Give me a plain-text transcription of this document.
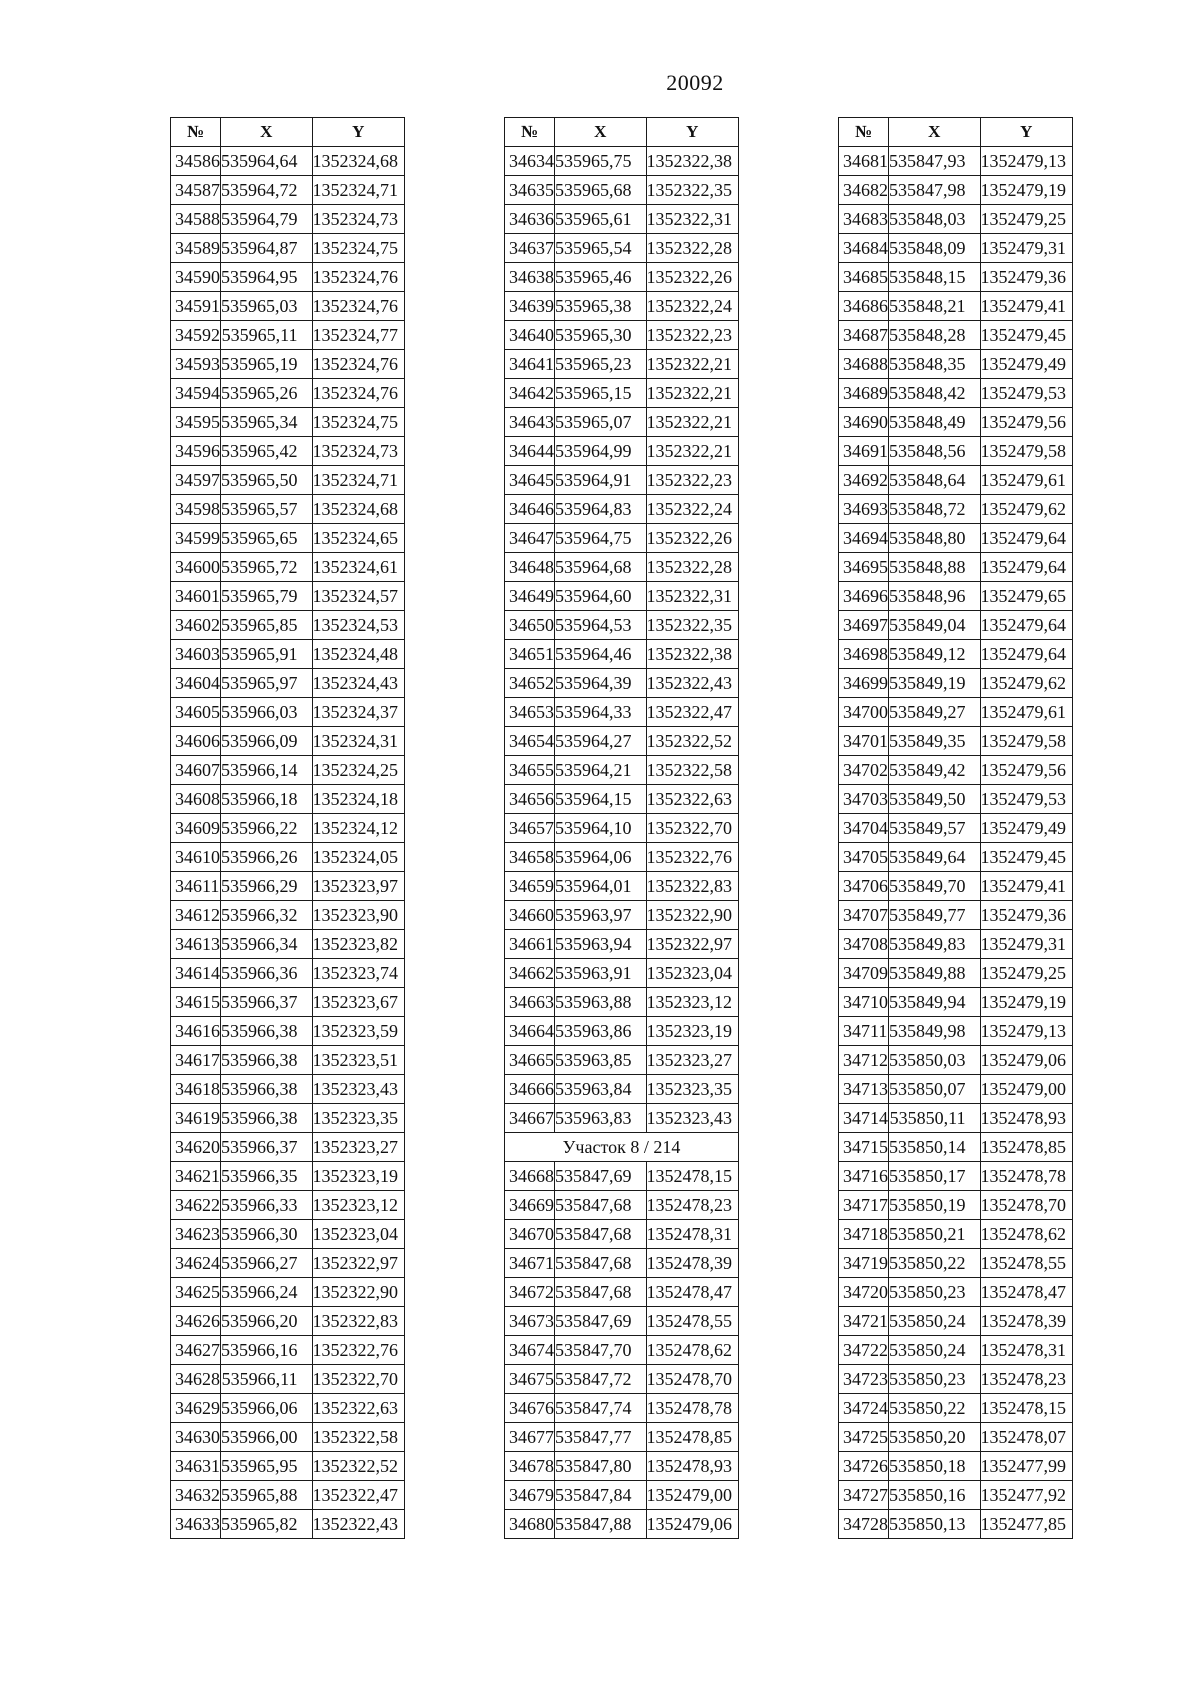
20092
№	X	Y
34586	535964,64	1352324,68
34587	535964,72	1352324,71
34588	535964,79	1352324,73
34589	535964,87	1352324,75
34590	535964,95	1352324,76
34591	535965,03	1352324,76
34592	535965,11	1352324,77
34593	535965,19	1352324,76
34594	535965,26	1352324,76
34595	535965,34	1352324,75
34596	535965,42	1352324,73
34597	535965,50	1352324,71
34598	535965,57	1352324,68
34599	535965,65	1352324,65
34600	535965,72	1352324,61
34601	535965,79	1352324,57
34602	535965,85	1352324,53
34603	535965,91	1352324,48
34604	535965,97	1352324,43
34605	535966,03	1352324,37
34606	535966,09	1352324,31
34607	535966,14	1352324,25
34608	535966,18	1352324,18
34609	535966,22	1352324,12
34610	535966,26	1352324,05
34611	535966,29	1352323,97
34612	535966,32	1352323,90
34613	535966,34	1352323,82
34614	535966,36	1352323,74
34615	535966,37	1352323,67
34616	535966,38	1352323,59
34617	535966,38	1352323,51
34618	535966,38	1352323,43
34619	535966,38	1352323,35
34620	535966,37	1352323,27
34621	535966,35	1352323,19
34622	535966,33	1352323,12
34623	535966,30	1352323,04
34624	535966,27	1352322,97
34625	535966,24	1352322,90
34626	535966,20	1352322,83
34627	535966,16	1352322,76
34628	535966,11	1352322,70
34629	535966,06	1352322,63
34630	535966,00	1352322,58
34631	535965,95	1352322,52
34632	535965,88	1352322,47
34633	535965,82	1352322,43
№	X	Y
34634	535965,75	1352322,38
34635	535965,68	1352322,35
34636	535965,61	1352322,31
34637	535965,54	1352322,28
34638	535965,46	1352322,26
34639	535965,38	1352322,24
34640	535965,30	1352322,23
34641	535965,23	1352322,21
34642	535965,15	1352322,21
34643	535965,07	1352322,21
34644	535964,99	1352322,21
34645	535964,91	1352322,23
34646	535964,83	1352322,24
34647	535964,75	1352322,26
34648	535964,68	1352322,28
34649	535964,60	1352322,31
34650	535964,53	1352322,35
34651	535964,46	1352322,38
34652	535964,39	1352322,43
34653	535964,33	1352322,47
34654	535964,27	1352322,52
34655	535964,21	1352322,58
34656	535964,15	1352322,63
34657	535964,10	1352322,70
34658	535964,06	1352322,76
34659	535964,01	1352322,83
34660	535963,97	1352322,90
34661	535963,94	1352322,97
34662	535963,91	1352323,04
34663	535963,88	1352323,12
34664	535963,86	1352323,19
34665	535963,85	1352323,27
34666	535963,84	1352323,35
34667	535963,83	1352323,43
Участок 8 / 214		
34668	535847,69	1352478,15
34669	535847,68	1352478,23
34670	535847,68	1352478,31
34671	535847,68	1352478,39
34672	535847,68	1352478,47
34673	535847,69	1352478,55
34674	535847,70	1352478,62
34675	535847,72	1352478,70
34676	535847,74	1352478,78
34677	535847,77	1352478,85
34678	535847,80	1352478,93
34679	535847,84	1352479,00
34680	535847,88	1352479,06
№	X	Y
34681	535847,93	1352479,13
34682	535847,98	1352479,19
34683	535848,03	1352479,25
34684	535848,09	1352479,31
34685	535848,15	1352479,36
34686	535848,21	1352479,41
34687	535848,28	1352479,45
34688	535848,35	1352479,49
34689	535848,42	1352479,53
34690	535848,49	1352479,56
34691	535848,56	1352479,58
34692	535848,64	1352479,61
34693	535848,72	1352479,62
34694	535848,80	1352479,64
34695	535848,88	1352479,64
34696	535848,96	1352479,65
34697	535849,04	1352479,64
34698	535849,12	1352479,64
34699	535849,19	1352479,62
34700	535849,27	1352479,61
34701	535849,35	1352479,58
34702	535849,42	1352479,56
34703	535849,50	1352479,53
34704	535849,57	1352479,49
34705	535849,64	1352479,45
34706	535849,70	1352479,41
34707	535849,77	1352479,36
34708	535849,83	1352479,31
34709	535849,88	1352479,25
34710	535849,94	1352479,19
34711	535849,98	1352479,13
34712	535850,03	1352479,06
34713	535850,07	1352479,00
34714	535850,11	1352478,93
34715	535850,14	1352478,85
34716	535850,17	1352478,78
34717	535850,19	1352478,70
34718	535850,21	1352478,62
34719	535850,22	1352478,55
34720	535850,23	1352478,47
34721	535850,24	1352478,39
34722	535850,24	1352478,31
34723	535850,23	1352478,23
34724	535850,22	1352478,15
34725	535850,20	1352478,07
34726	535850,18	1352477,99
34727	535850,16	1352477,92
34728	535850,13	1352477,85
